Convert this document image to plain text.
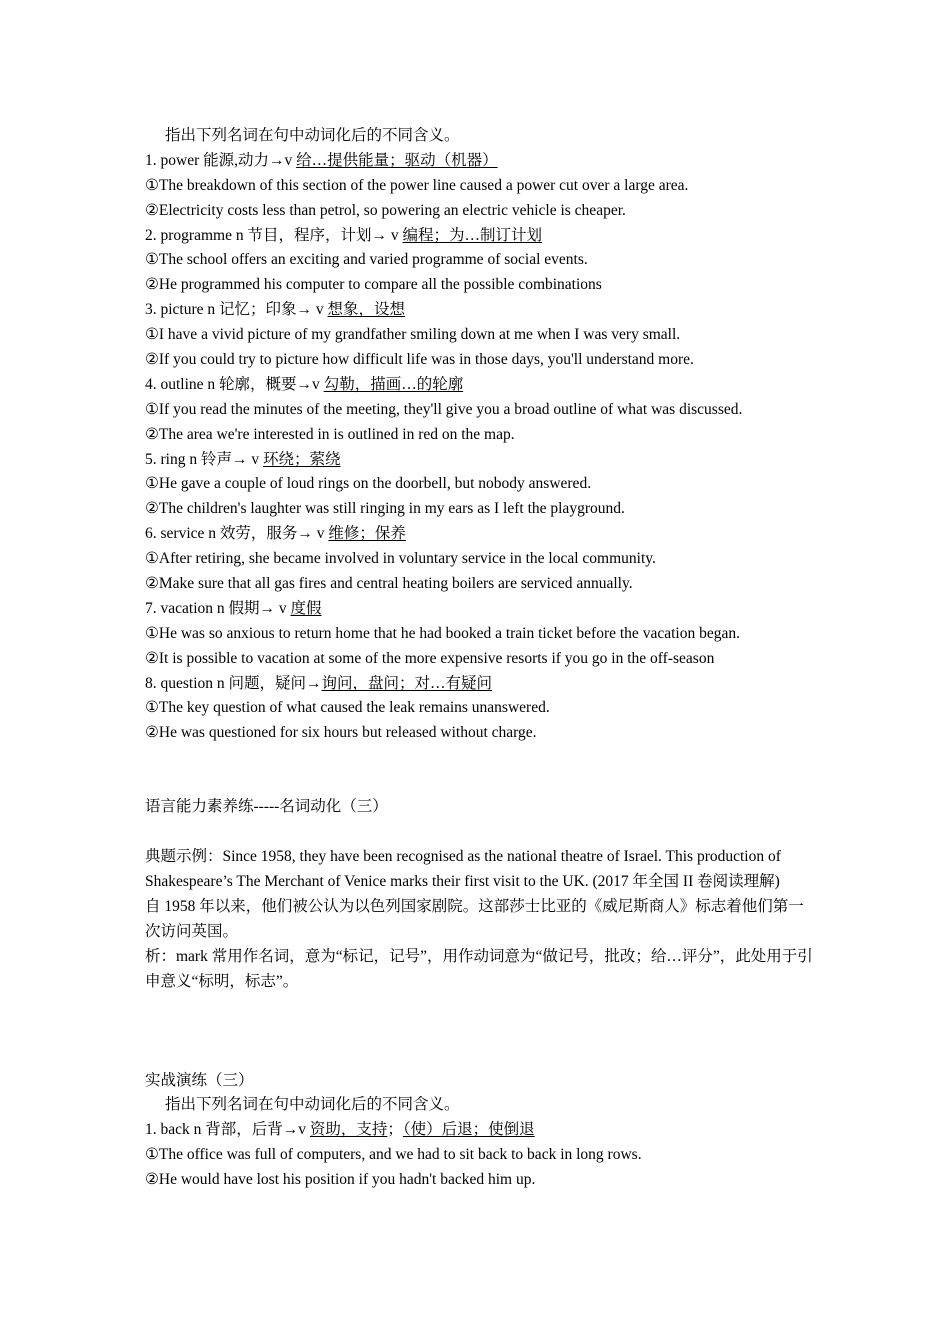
指出下列名词在句中动词化后的不同含义。
1. power 能源,动力→v 给…提供能量；驱动（机器）
①The breakdown of this section of the power line caused a power cut over a large area.
②Electricity costs less than petrol, so powering an electric vehicle is cheaper.
2. programme n 节目，程序，计划→ v 编程；为…制订计划
①The school offers an exciting and varied programme of social events.
②He programmed his computer to compare all the possible combinations
3. picture n 记忆；印象→ v 想象，设想
①I have a vivid picture of my grandfather smiling down at me when I was very small.
②If you could try to picture how difficult life was in those days, you'll understand more.
4. outline n 轮廓，概要→v 勾勒，描画…的轮廓
①If you read the minutes of the meeting, they'll give you a broad outline of what was discussed.
②The area we're interested in is outlined in red on the map.
5. ring n 铃声→ v 环绕；萦绕
①He gave a couple of loud rings on the doorbell, but nobody answered.
②The children's laughter was still ringing in my ears as I left the playground.
6. service n 效劳，服务→ v 维修；保养
①After retiring, she became involved in voluntary service in the local community.
②Make sure that all gas fires and central heating boilers are serviced annually.
7. vacation n 假期→ v 度假
①He was so anxious to return home that he had booked a train ticket before the vacation began.
②It is possible to vacation at some of the more expensive resorts if you go in the off-season
8. question n 问题，疑问→询问，盘问；对…有疑问
①The key question of what caused the leak remains unanswered.
②He was questioned for six hours but released without charge.
语言能力素养练-----名词动化（三）
典题示例：Since 1958, they have been recognised as the national theatre of Israel. This production of Shakespeare’s The Merchant of Venice marks their first visit to the UK. (2017 年全国 II 卷阅读理解)
自 1958 年以来，他们被公认为以色列国家剧院。这部莎士比亚的《威尼斯商人》标志着他们第一次访问英国。
析：mark 常用作名词，意为“标记，记号”，用作动词意为“做记号，批改；给…评分”，此处用于引申意义“标明，标志”。
实战演练（三）
指出下列名词在句中动词化后的不同含义。
1. back n 背部，后背→v 资助，支持；（使）后退；使倒退
①The office was full of computers, and we had to sit back to back in long rows.
②He would have lost his position if you hadn't backed him up.
